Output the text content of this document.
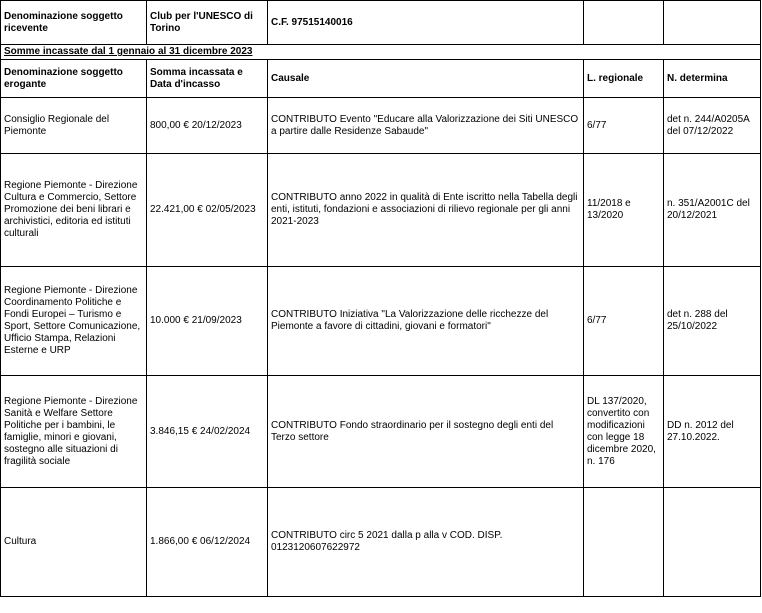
Denominazione soggetto ricevente	Club per l'UNESCO di Torino	C.F. 97515140016		
Somme incassate dal 1 gennaio al 31 dicembre 2023				
Denominazione soggetto erogante	Somma incassata e Data d'incasso	Causale	L. regionale	N. determina
Consiglio Regionale del Piemonte	800,00 € 20/12/2023	CONTRIBUTO Evento "Educare alla Valorizzazione dei Siti UNESCO a partire dalle Residenze Sabaude"	6/77	det n. 244/A0205A del 07/12/2022
Regione Piemonte - Direzione Cultura e Commercio, Settore Promozione dei beni librari e archivistici, editoria ed istituti culturali	22.421,00 € 02/05/2023	CONTRIBUTO anno 2022 in qualità di Ente iscritto nella Tabella degli enti, istituti, fondazioni e associazioni di rilievo regionale per gli anni 2021-2023	11/2018 e 13/2020	n. 351/A2001C del 20/12/2021
Regione Piemonte - Direzione Coordinamento Politiche e Fondi Europei – Turismo e Sport, Settore Comunicazione, Ufficio Stampa, Relazioni Esterne e URP	10.000 € 21/09/2023	CONTRIBUTO Iniziativa "La Valorizzazione delle ricchezze del Piemonte a favore di cittadini, giovani e formatori"	6/77	det n. 288 del 25/10/2022
Regione Piemonte - Direzione Sanità e Welfare Settore Politiche per i bambini, le famiglie, minori e giovani, sostegno alle situazioni di fragilità sociale	3.846,15 € 24/02/2024	CONTRIBUTO Fondo straordinario per il sostegno degli enti del Terzo settore	DL 137/2020, convertito con modificazioni con legge 18 dicembre 2020, n. 176	DD n. 2012 del 27.10.2022.
Cultura	1.866,00 € 06/12/2024	CONTRIBUTO circ 5 2021 dalla p alla v COD. DISP. 0123120607622972		
